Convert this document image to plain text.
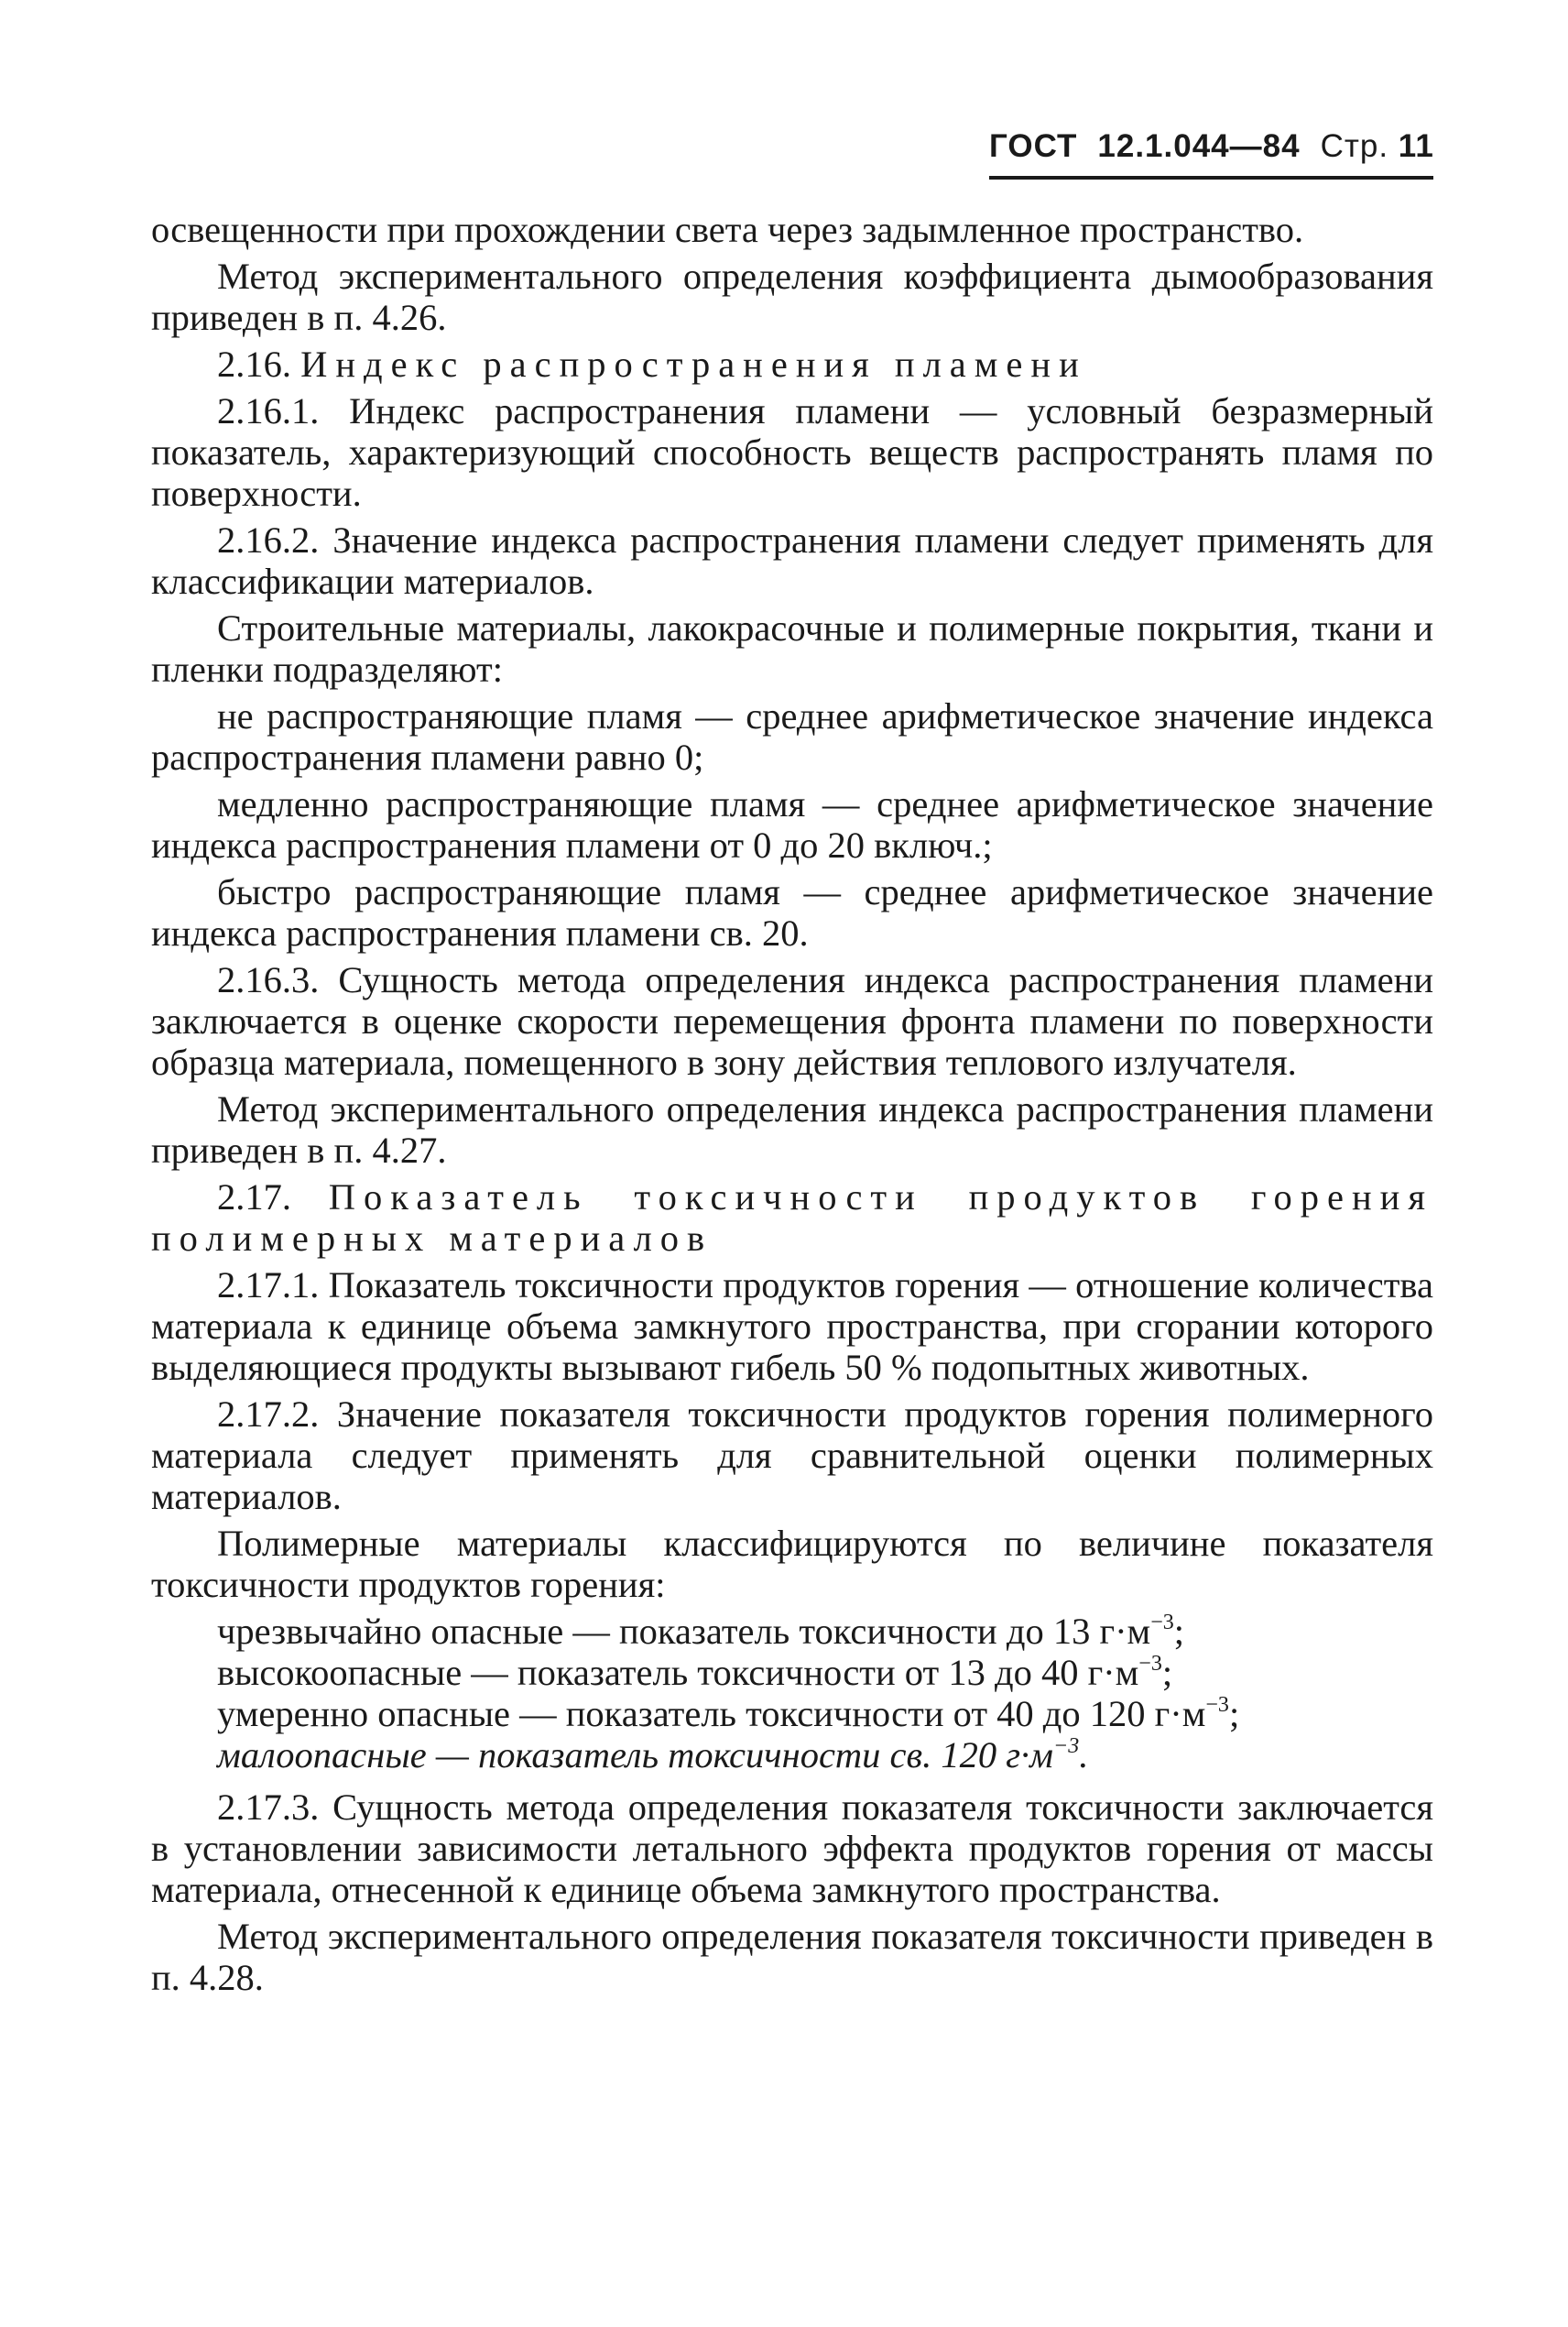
ГОСТ 12.1.044—84 Стр. 11

освещенности при прохождении света через задымленное пространство.

Метод экспериментального определения коэффициента дымообразования приведен в п. 4.26.

2.16. Индекс распространения пламени

2.16.1. Индекс распространения пламени — условный безразмерный показатель, характеризующий способность веществ распространять пламя по поверхности.

2.16.2. Значение индекса распространения пламени следует применять для классификации материалов.

Строительные материалы, лакокрасочные и полимерные покрытия, ткани и пленки подразделяют:

не распространяющие пламя — среднее арифметическое значение индекса распространения пламени равно 0;

медленно распространяющие пламя — среднее арифметическое значение индекса распространения пламени от 0 до 20 включ.;

быстро распространяющие пламя — среднее арифметическое значение индекса распространения пламени св. 20.

2.16.3. Сущность метода определения индекса распространения пламени заключается в оценке скорости перемещения фронта пламени по поверхности образца материала, помещенного в зону действия теплового излучателя.

Метод экспериментального определения индекса распространения пламени приведен в п. 4.27.

2.17. Показатель токсичности продуктов горения полимерных материалов

2.17.1. Показатель токсичности продуктов горения — отношение количества материала к единице объема замкнутого пространства, при сгорании которого выделяющиеся продукты вызывают гибель 50 % подопытных животных.

2.17.2. Значение показателя токсичности продуктов горения полимерного материала следует применять для сравнительной оценки полимерных материалов.

Полимерные материалы классифицируются по величине показателя токсичности продуктов горения:

чрезвычайно опасные — показатель токсичности до 13 $г\cdot м^{-3}$;

высокоопасные — показатель токсичности от 13 до 40 $г\cdot м^{-3}$;

умеренно опасные — показатель токсичности от 40 до 120 $г\cdot м^{-3}$;

малоопасные — показатель токсичности св. 120 $г\cdot м^{-3}$.

2.17.3. Сущность метода определения показателя токсичности заключается в установлении зависимости летального эффекта продуктов горения от массы материала, отнесенной к единице объема замкнутого пространства.

Метод экспериментального определения показателя токсичности приведен в п. 4.28.
